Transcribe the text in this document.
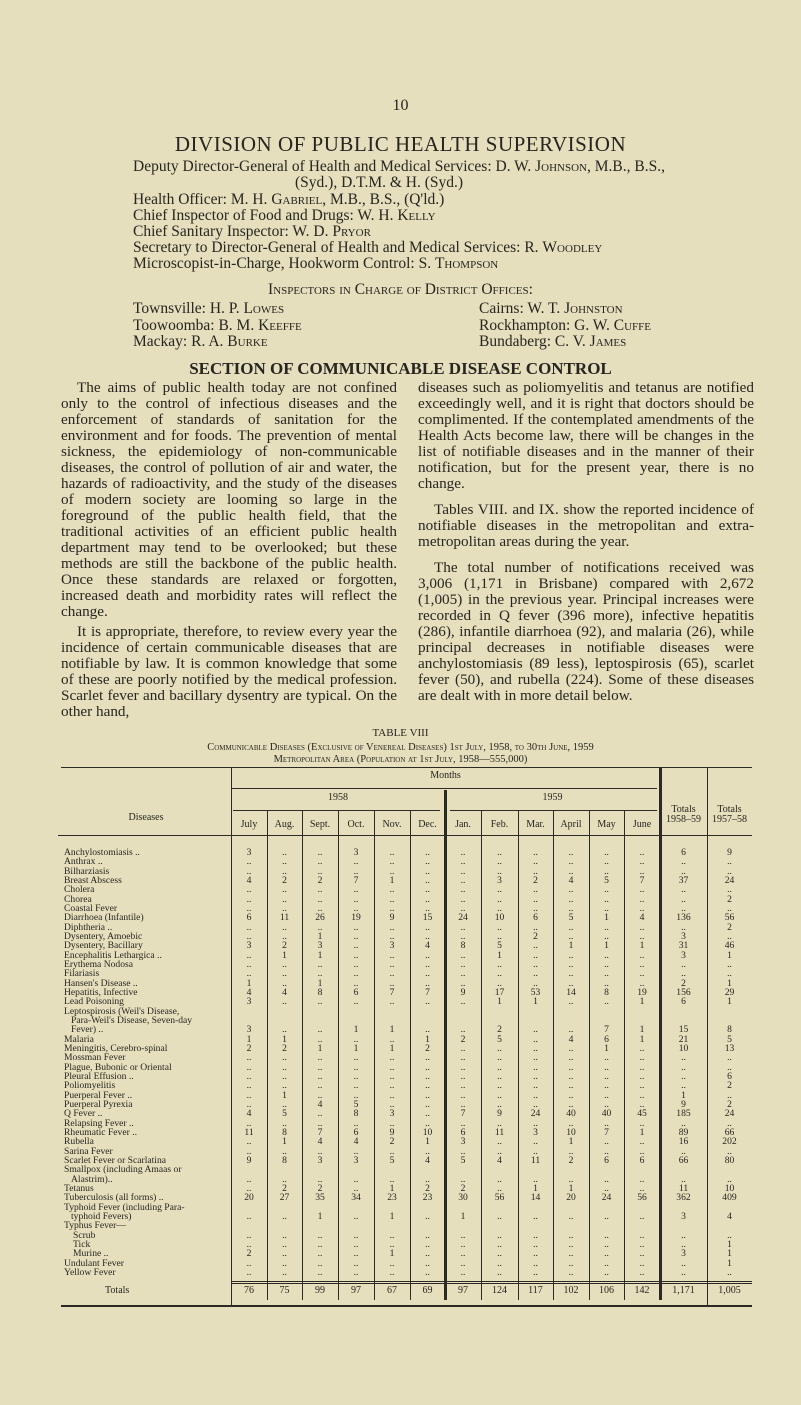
10
DIVISION OF PUBLIC HEALTH SUPERVISION
Deputy Director-General of Health and Medical Services: D. W. Johnson, M.B., B.S.,
(Syd.), D.T.M. & H. (Syd.)
Health Officer: M. H. Gabriel, M.B., B.S., (Q'ld.)
Chief Inspector of Food and Drugs: W. H. Kelly
Chief Sanitary Inspector: W. D. Pryor
Secretary to Director-General of Health and Medical Services: R. Woodley
Microscopist-in-Charge, Hookworm Control: S. Thompson
Inspectors in Charge of District Offices:
Townsville: H. P. Lowes	Cairns: W. T. Johnston
Toowoomba: B. M. Keeffe	Rockhampton: G. W. Cuffe
Mackay: R. A. Burke	Bundaberg: C. V. James
SECTION OF COMMUNICABLE DISEASE CONTROL

The aims of public health today are not confined only to the control of infectious diseases and the enforcement of standards of sanitation for the environment and for foods. The prevention of mental sickness, the epidemiology of non-communicable diseases, the control of pollution of air and water, the hazards of radioactivity, and the study of the diseases of modern society are looming so large in the foreground of the public health field, that the traditional activities of an efficient public health department may tend to be overlooked; but these methods are still the backbone of the public health. Once these standards are relaxed or forgotten, increased death and morbidity rates will reflect the change.

It is appropriate, therefore, to review every year the incidence of certain communicable diseases that are notifiable by law. It is common knowledge that some of these are poorly notified by the medical profession. Scarlet fever and bacillary dysentry are typical. On the other hand,

diseases such as poliomyelitis and tetanus are notified exceedingly well, and it is right that doctors should be complimented. If the contemplated amendments of the Health Acts become law, there will be changes in the list of notifiable diseases and in the manner of their notification, but for the present year, there is no change.

Tables VIII. and IX. show the reported incidence of notifiable diseases in the metropolitan and extra-metropolitan areas during the year.

The total number of notifications received was 3,006 (1,171 in Brisbane) compared with 2,672 (1,005) in the previous year. Principal increases were recorded in Q fever (396 more), infective hepatitis (286), infantile diarrhoea (92), and malaria (26), while principal decreases in notifiable diseases were anchylostomiasis (89 less), leptospirosis (65), scarlet fever (50), and rubella (224). Some of these diseases are dealt with in more detail below.

TABLE VIII
Communicable Diseases (Exclusive of Venereal Diseases) 1st July, 1958, to 30th June, 1959
Metropolitan Area (Population at 1st July, 1958—555,000)
Months
Diseases
1958	1959
July	Aug.	Sept.	Oct.	Nov.	Dec.	Jan.	Feb.	Mar.	April	May	June
Totals	Totals
1958–59	1957–58
Anchylostomiasis ..	3	..	..	3	..	..	..	..	..	..	..	..	6	9
Anthrax ..	..	..	..	..	..	..	..	..	..	..	..	..	..	..
Bilharziasis	..	..	..	..	..	..	..	..	..	..	..	..	..	..
Breast Abscess	4	2	2	7	1	..	..	3	2	4	5	7	37	24
Cholera	..	..	..	..	..	..	..	..	..	..	..	..	..	..
Chorea	..	..	..	..	..	..	..	..	..	..	..	..	..	2
Coastal Fever	..	..	..	..	..	..	..	..	..	..	..	..	..	..
Diarrhoea (Infantile)	6	11	26	19	9	15	24	10	6	5	1	4	136	56
Diphtheria ..	..	..	..	..	..	..	..	..	..	..	..	..	..	2
Dysentery, Amoebic	..	..	1	..	..	..	..	..	2	..	..	..	3	..
Dysentery, Bacillary	3	2	3	..	3	4	8	5	..	1	1	1	31	46
Encephalitis Lethargica ..	..	1	1	..	..	..	..	1	..	..	..	..	3	1
Erythema Nodosa	..	..	..	..	..	..	..	..	..	..	..	..	..	..
Filariasis	..	..	..	..	..	..	..	..	..	..	..	..	..	..
Hansen's Disease ..	1	..	1	..	..	..	..	..	..	..	..	..	2	1
Hepatitis, Infective	4	4	8	6	7	7	9	17	53	14	8	19	156	29
Lead Poisoning	3	..	..	..	..	..	..	1	1	..	..	1	6	1
Leptospirosis (Weil's Disease,
Para-Weil's Disease, Seven-day
Fever) ..	3	..	..	1	1	..	..	2	..	..	7	1	15	8
Malaria	1	1	..	..	..	1	2	5	..	4	6	1	21	5
Meningitis, Cerebro-spinal	2	2	1	1	1	2	..	..	..	..	1	..	10	13
Mossman Fever	..	..	..	..	..	..	..	..	..	..	..	..	..	..
Plague, Bubonic or Oriental	..	..	..	..	..	..	..	..	..	..	..	..	..	..
Pleural Effusion ..	..	..	..	..	..	..	..	..	..	..	..	..	..	6
Poliomyelitis	..	..	..	..	..	..	..	..	..	..	..	..	..	2
Puerperal Fever ..	..	1	..	..	..	..	..	..	..	..	..	..	1	..
Puerperal Pyrexia	..	..	4	5	..	..	..	..	..	..	..	..	9	2
Q Fever ..	4	5	..	8	3	..	7	9	24	40	40	45	185	24
Relapsing Fever ..	..	..	..	..	..	..	..	..	..	..	..	..	..	..
Rheumatic Fever ..	11	8	7	6	9	10	6	11	3	10	7	1	89	66
Rubella	..	1	4	4	2	1	3	..	..	1	..	..	16	202
Sarina Fever	..	..	..	..	..	..	..	..	..	..	..	..	..	..
Scarlet Fever or Scarlatina	9	8	3	3	5	4	5	4	11	2	6	6	66	80
Smallpox (including Amaas or
Alastrim)..	..	..	..	..	..	..	..	..	..	..	..	..	..	..
Tetanus	..	2	2	..	1	2	2	..	1	1	..	..	11	10
Tuberculosis (all forms) ..	20	27	35	34	23	23	30	56	14	20	24	56	362	409
Typhoid Fever (including Para-
typhoid Fevers)	..	..	1	..	1	..	1	..	..	..	..	..	3	4
Typhus Fever—
Scrub	..	..	..	..	..	..	..	..	..	..	..	..	..	..
Tick	..	..	..	..	..	..	..	..	..	..	..	..	..	1
Murine ..	2	..	..	..	1	..	..	..	..	..	..	..	3	1
Undulant Fever	..	..	..	..	..	..	..	..	..	..	..	..	..	1
Yellow Fever	..	..	..	..	..	..	..	..	..	..	..	..	..	..
Totals	76	75	99	97	67	69	97	124	117	102	106	142	1,171	1,005
